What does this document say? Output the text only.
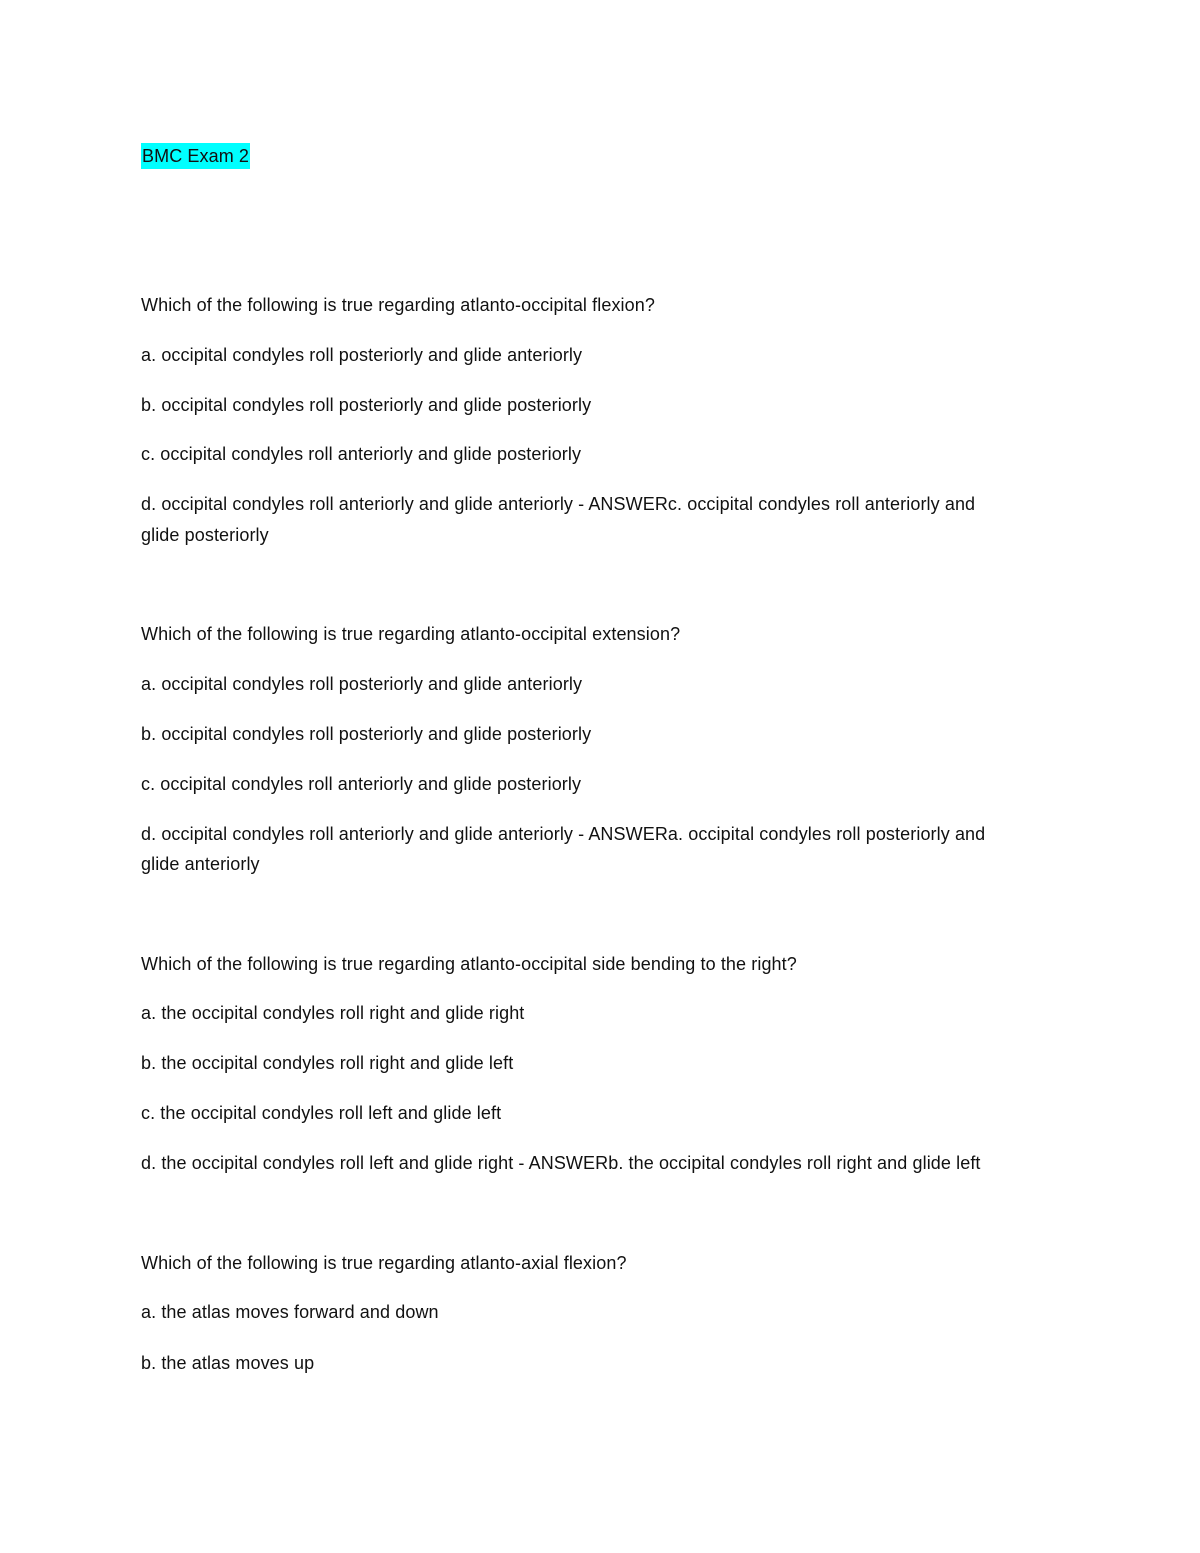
BMC Exam 2
Which of the following is true regarding atlanto-occipital flexion?
a. occipital condyles roll posteriorly and glide anteriorly
b. occipital condyles roll posteriorly and glide posteriorly
c. occipital condyles roll anteriorly and glide posteriorly
d. occipital condyles roll anteriorly and glide anteriorly - ANSWERc. occipital condyles roll anteriorly and
glide posteriorly
Which of the following is true regarding atlanto-occipital extension?
a. occipital condyles roll posteriorly and glide anteriorly
b. occipital condyles roll posteriorly and glide posteriorly
c. occipital condyles roll anteriorly and glide posteriorly
d. occipital condyles roll anteriorly and glide anteriorly - ANSWERa. occipital condyles roll posteriorly and
glide anteriorly
Which of the following is true regarding atlanto-occipital side bending to the right?
a. the occipital condyles roll right and glide right
b. the occipital condyles roll right and glide left
c. the occipital condyles roll left and glide left
d. the occipital condyles roll left and glide right - ANSWERb. the occipital condyles roll right and glide left
Which of the following is true regarding atlanto-axial flexion?
a. the atlas moves forward and down
b. the atlas moves up
